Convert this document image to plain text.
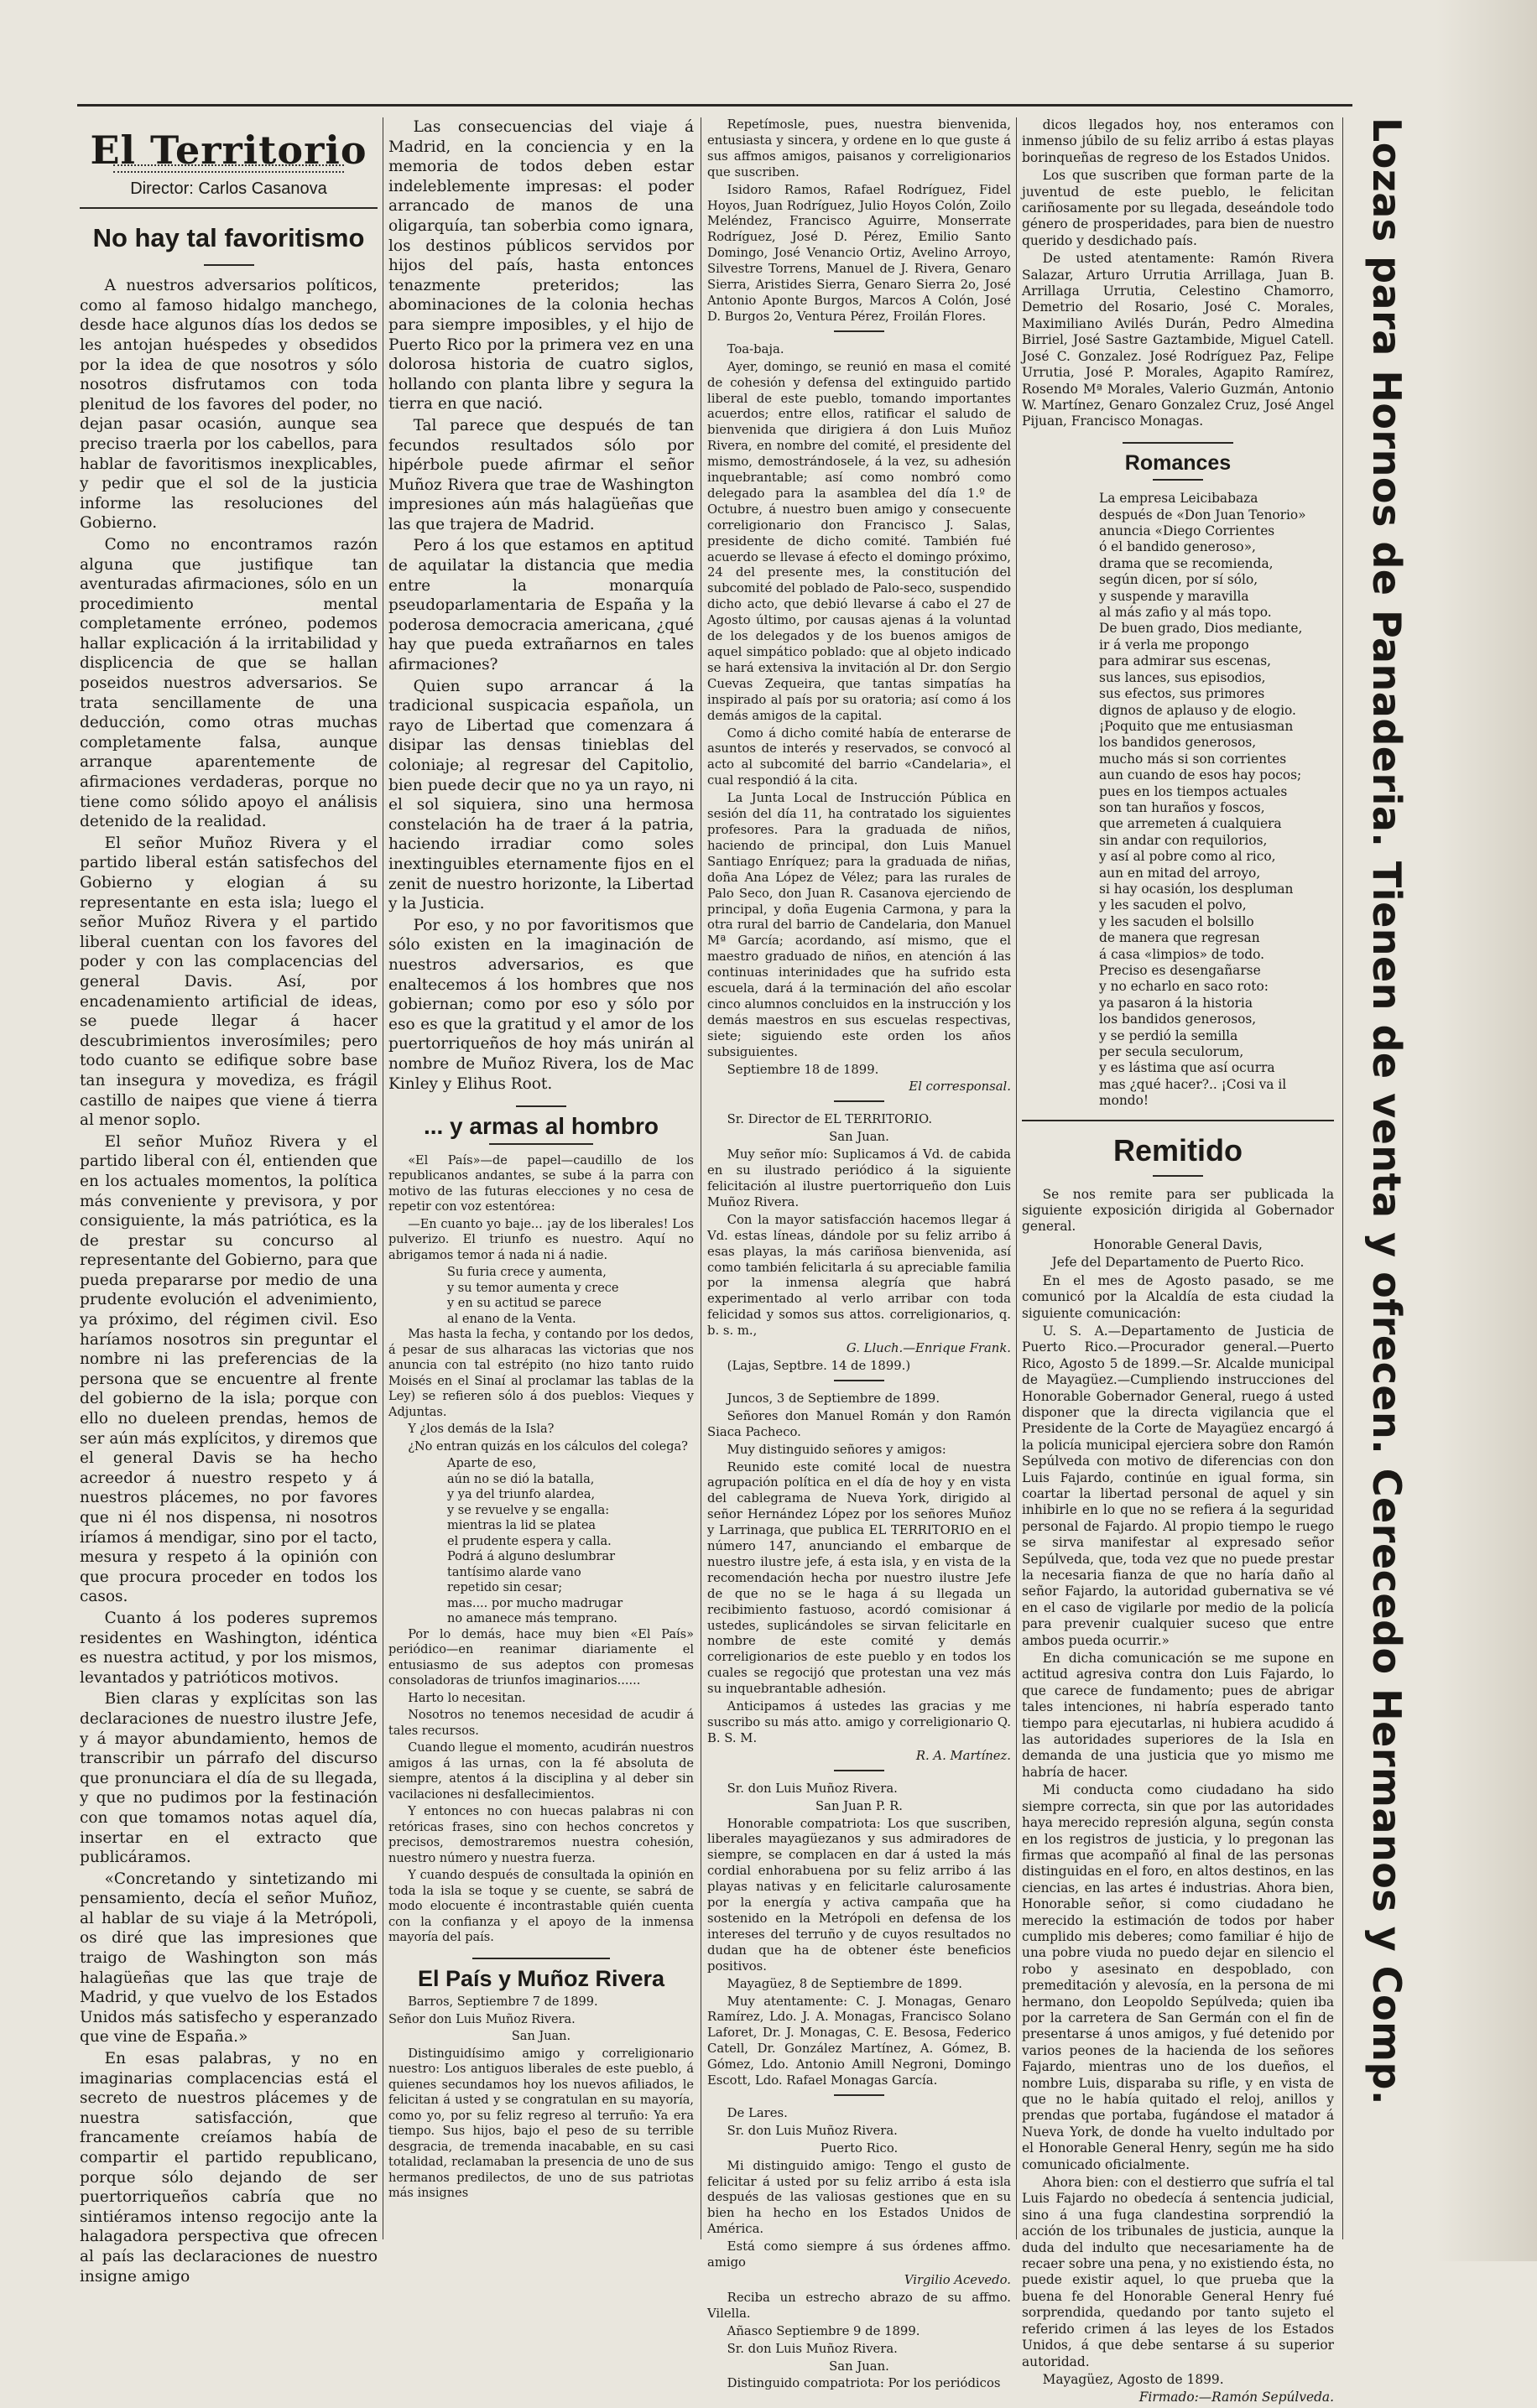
El Territorio
Director: Carlos Casanova
No hay tal favoritismo

A nuestros adversarios políticos, como al famoso hidalgo manchego, desde hace algunos días los dedos se les antojan huéspedes y obsedidos por la idea de que nosotros y sólo nosotros disfrutamos con toda plenitud de los favores del poder, no dejan pasar ocasión, aunque sea preciso traerla por los cabellos, para hablar de favoritismos inexplicables, y pedir que el sol de la justicia informe las resoluciones del Gobierno.

Como no encontramos razón alguna que justifique tan aventuradas afirmaciones, sólo en un procedimiento mental completamente erróneo, podemos hallar explicación á la irritabilidad y displicencia de que se hallan poseidos nuestros adversarios. Se trata sencillamente de una deducción, como otras muchas completamente falsa, aunque arranque aparentemente de afirmaciones verdaderas, porque no tiene como sólido apoyo el análisis detenido de la realidad.

El señor Muñoz Rivera y el partido liberal están satisfechos del Gobierno y elogian á su representante en esta isla; luego el señor Muñoz Rivera y el partido liberal cuentan con los favores del poder y con las complacencias del general Davis. Así, por encadenamiento artificial de ideas, se puede llegar á hacer descubrimientos inverosímiles; pero todo cuanto se edifique sobre base tan insegura y movediza, es frágil castillo de naipes que viene á tierra al menor soplo.

El señor Muñoz Rivera y el partido liberal con él, entienden que en los actuales momentos, la política más conveniente y previsora, y por consiguiente, la más patriótica, es la de prestar su concurso al representante del Gobierno, para que pueda prepararse por medio de una prudente evolución el advenimiento, ya próximo, del régimen civil. Eso haríamos nosotros sin preguntar el nombre ni las preferencias de la persona que se encuentre al frente del gobierno de la isla; porque con ello no dueleen prendas, hemos de ser aún más explícitos, y diremos que el general Davis se ha hecho acreedor á nuestro respeto y á nuestros plácemes, no por favores que ni él nos dispensa, ni nosotros iríamos á mendigar, sino por el tacto, mesura y respeto á la opinión con que procura proceder en todos los casos.

Cuanto á los poderes supremos residentes en Washington, idéntica es nuestra actitud, y por los mismos, levantados y patrióticos motivos.

Bien claras y explícitas son las declaraciones de nuestro ilustre Jefe, y á mayor abundamiento, hemos de transcribir un párrafo del discurso que pronunciara el día de su llegada, y que no pudimos por la festinación con que tomamos notas aquel día, insertar en el extracto que publicáramos.

«Concretando y sintetizando mi pensamiento, decía el señor Muñoz, al hablar de su viaje á la Metrópoli, os diré que las impresiones que traigo de Washington son más halagüeñas que las que traje de Madrid, y que vuelvo de los Estados Unidos más satisfecho y esperanzado que vine de España.»

En esas palabras, y no en imaginarias complacencias está el secreto de nuestros plácemes y de nuestra satisfacción, que francamente creíamos había de compartir el partido republicano, porque sólo dejando de ser puertorriqueños cabría que no sintiéramos intenso regocijo ante la halagadora perspectiva que ofrecen al país las declaraciones de nuestro insigne amigo

Las consecuencias del viaje á Madrid, en la conciencia y en la memoria de todos deben estar indeleblemente impresas: el poder arrancado de manos de una oligarquía, tan soberbia como ignara, los destinos públicos servidos por hijos del país, hasta entonces tenazmente preteridos; las abominaciones de la colonia hechas para siempre imposibles, y el hijo de Puerto Rico por la primera vez en una dolorosa historia de cuatro siglos, hollando con planta libre y segura la tierra en que nació.

Tal parece que después de tan fecundos resultados sólo por hipérbole puede afirmar el señor Muñoz Rivera que trae de Washington impresiones aún más halagüeñas que las que trajera de Madrid.

Pero á los que estamos en aptitud de aquilatar la distancia que media entre la monarquía pseudoparlamentaria de España y la poderosa democracia americana, ¿qué hay que pueda extrañarnos en tales afirmaciones?

Quien supo arrancar á la tradicional suspicacia española, un rayo de Libertad que comenzara á disipar las densas tinieblas del coloniaje; al regresar del Capitolio, bien puede decir que no ya un rayo, ni el sol siquiera, sino una hermosa constelación ha de traer á la patria, haciendo irradiar como soles inextinguibles eternamente fijos en el zenit de nuestro horizonte, la Libertad y la Justicia.

Por eso, y no por favoritismos que sólo existen en la imaginación de nuestros adversarios, es que enaltecemos á los hombres que nos gobiernan; como por eso y sólo por eso es que la gratitud y el amor de los puertorriqueños de hoy más unirán al nombre de Muñoz Rivera, los de Mac Kinley y Elihus Root.

... y armas al hombro

«El País»—de papel—caudillo de los republicanos andantes, se sube á la parra con motivo de las futuras elecciones y no cesa de repetir con voz estentórea:

—En cuanto yo baje... ¡ay de los liberales! Los pulverizo. El triunfo es nuestro. Aquí no abrigamos temor á nada ni á nadie.

Su furia crece y aumenta,

y su temor aumenta y crece

y en su actitud se parece

al enano de la Venta.

Mas hasta la fecha, y contando por los dedos, á pesar de sus alharacas las victorias que nos anuncia con tal estrépito (no hizo tanto ruido Moisés en el Sinaí al proclamar las tablas de la Ley) se refieren sólo á dos pueblos: Vieques y Adjuntas.

Y ¿los demás de la Isla?

¿No entran quizás en los cálculos del colega?

Aparte de eso,

aún no se dió la batalla,

y ya del triunfo alardea,

y se revuelve y se engalla:

mientras la lid se platea

el prudente espera y calla.

Podrá á alguno deslumbrar

tantísimo alarde vano

repetido sin cesar;

mas.... por mucho madrugar

no amanece más temprano.

Por lo demás, hace muy bien «El País» periódico—en reanimar diariamente el entusiasmo de sus adeptos con promesas consoladoras de triunfos imaginarios......

Harto lo necesitan.

Nosotros no tenemos necesidad de acudir á tales recursos.

Cuando llegue el momento, acudirán nuestros amigos á las urnas, con la fé absoluta de siempre, atentos á la disciplina y al deber sin vacilaciones ni desfallecimientos.

Y entonces no con huecas palabras ni con retóricas frases, sino con hechos concretos y precisos, demostraremos nuestra cohesión, nuestro número y nuestra fuerza.

Y cuando después de consultada la opinión en toda la isla se toque y se cuente, se sabrá de modo elocuente é incontrastable quién cuenta con la confianza y el apoyo de la inmensa mayoría del país.

El País y Muñoz Rivera

Barros, Septiembre 7 de 1899.

Señor don Luis Muñoz Rivera.

San Juan.

Distinguidísimo amigo y correligionario nuestro: Los antiguos liberales de este pueblo, á quienes secundamos hoy los nuevos afiliados, le felicitan á usted y se congratulan en su mayoría, como yo, por su feliz regreso al terruño: Ya era tiempo. Sus hijos, bajo el peso de su terrible desgracia, de tremenda inacabable, en su casi totalidad, reclamaban la presencia de uno de sus hermanos predilectos, de uno de sus patriotas más insignes

Repetímosle, pues, nuestra bienvenida, entusiasta y sincera, y ordene en lo que guste á sus affmos amigos, paisanos y correligionarios que suscriben.

Isidoro Ramos, Rafael Rodríguez, Fidel Hoyos, Juan Rodríguez, Julio Hoyos Colón, Zoilo Meléndez, Francisco Aguirre, Monserrate Rodríguez, José D. Pérez, Emilio Santo Domingo, José Venancio Ortiz, Avelino Arroyo, Silvestre Torrens, Manuel de J. Rivera, Genaro Sierra, Aristides Sierra, Genaro Sierra 2o, José Antonio Aponte Burgos, Marcos A Colón, José D. Burgos 2o, Ventura Pérez, Froilán Flores.

Toa-baja.

Ayer, domingo, se reunió en masa el comité de cohesión y defensa del extinguido partido liberal de este pueblo, tomando importantes acuerdos; entre ellos, ratificar el saludo de bienvenida que dirigiera á don Luis Muñoz Rivera, en nombre del comité, el presidente del mismo, demostrándosele, á la vez, su adhesión inquebrantable; así como nombró como delegado para la asamblea del día 1.º de Octubre, á nuestro buen amigo y consecuente correligionario don Francisco J. Salas, presidente de dicho comité. También fué acuerdo se llevase á efecto el domingo próximo, 24 del presente mes, la constitución del subcomité del poblado de Palo-seco, suspendido dicho acto, que debió llevarse á cabo el 27 de Agosto último, por causas ajenas á la voluntad de los delegados y de los buenos amigos de aquel simpático poblado: que al objeto indicado se hará extensiva la invitación al Dr. don Sergio Cuevas Zequeira, que tantas simpatías ha inspirado al país por su oratoria; así como á los demás amigos de la capital.

Como á dicho comité había de enterarse de asuntos de interés y reservados, se convocó al acto al subcomité del barrio «Candelaria», el cual respondió á la cita.

La Junta Local de Instrucción Pública en sesión del día 11, ha contratado los siguientes profesores. Para la graduada de niños, haciendo de principal, don Luis Manuel Santiago Enríquez; para la graduada de niñas, doña Ana López de Vélez; para las rurales de Palo Seco, don Juan R. Casanova ejerciendo de principal, y doña Eugenia Carmona, y para la otra rural del barrio de Candelaria, don Manuel Mª García; acordando, así mismo, que el maestro graduado de niños, en atención á las continuas interinidades que ha sufrido esta escuela, dará á la terminación del año escolar cinco alumnos concluidos en la instrucción y los demás maestros en sus escuelas respectivas, siete; siguiendo este orden los años subsiguientes.

Septiembre 18 de 1899.

El corresponsal.

Sr. Director de EL TERRITORIO.

San Juan.

Muy señor mío: Suplicamos á Vd. de cabida en su ilustrado periódico á la siguiente felicitación al ilustre puertorriqueño don Luis Muñoz Rivera.

Con la mayor satisfacción hacemos llegar á Vd. estas líneas, dándole por su feliz arribo á esas playas, la más cariñosa bienvenida, así como también felicitarla á su apreciable familia por la inmensa alegría que habrá experimentado al verlo arribar con toda felicidad y somos sus attos. correligionarios, q. b. s. m.,

G. Lluch.—Enrique Frank.

(Lajas, Septbre. 14 de 1899.)

Juncos, 3 de Septiembre de 1899.

Señores don Manuel Román y don Ramón Siaca Pacheco.

Muy distinguido señores y amigos:

Reunido este comité local de nuestra agrupación política en el día de hoy y en vista del cablegrama de Nueva York, dirigido al señor Hernández López por los señores Muñoz y Larrinaga, que publica EL TERRITORIO en el número 147, anunciando el embarque de nuestro ilustre jefe, á esta isla, y en vista de la recomendación hecha por nuestro ilustre Jefe de que no se le haga á su llegada un recibimiento fastuoso, acordó comisionar á ustedes, suplicándoles se sirvan felicitarle en nombre de este comité y demás correligionarios de este pueblo y en todos los cuales se regocijó que protestan una vez más su inquebrantable adhesión.

Anticipamos á ustedes las gracias y me suscribo su más atto. amigo y correligionario Q. B. S. M.

R. A. Martínez.

Sr. don Luis Muñoz Rivera.

San Juan P. R.

Honorable compatriota: Los que suscriben, liberales mayagüezanos y sus admiradores de siempre, se complacen en dar á usted la más cordial enhorabuena por su feliz arribo á las playas nativas y en felicitarle calurosamente por la energía y activa campaña que ha sostenido en la Metrópoli en defensa de los intereses del terruño y de cuyos resultados no dudan que ha de obtener éste beneficios positivos.

Mayagüez, 8 de Septiembre de 1899.

Muy atentamente: C. J. Monagas, Genaro Ramírez, Ldo. J. A. Monagas, Francisco Solano Laforet, Dr. J. Monagas, C. E. Besosa, Federico Catell, Dr. González Martínez, A. Gómez, B. Gómez, Ldo. Antonio Amill Negroni, Domingo Escott, Ldo. Rafael Monagas García.

De Lares.

Sr. don Luis Muñoz Rivera.

Puerto Rico.

Mi distinguido amigo: Tengo el gusto de felicitar á usted por su feliz arribo á esta isla después de las valiosas gestiones que en su bien ha hecho en los Estados Unidos de América.

Está como siempre á sus órdenes affmo. amigo

Virgilio Acevedo.

Reciba un estrecho abrazo de su affmo. Vilella.

Añasco Septiembre 9 de 1899.

Sr. don Luis Muñoz Rivera.

San Juan.

Distinguido compatriota: Por los periódicos

dicos llegados hoy, nos enteramos con inmenso júbilo de su feliz arribo á estas playas borinqueñas de regreso de los Estados Unidos.

Los que suscriben que forman parte de la juventud de este pueblo, le felicitan cariñosamente por su llegada, deseándole todo género de prosperidades, para bien de nuestro querido y desdichado país.

De usted atentamente: Ramón Rivera Salazar, Arturo Urrutia Arrillaga, Juan B. Arrillaga Urrutia, Celestino Chamorro, Demetrio del Rosario, José C. Morales, Maximiliano Avilés Durán, Pedro Almedina Birriel, José Sastre Gaztambide, Miguel Catell. José C. Gonzalez. José Rodríguez Paz, Felipe Urrutia, José P. Morales, Agapito Ramírez, Rosendo Mª Morales, Valerio Guzmán, Antonio W. Martínez, Genaro Gonzalez Cruz, José Angel Pijuan, Francisco Monagas.

Romances

La empresa Leicibabaza

después de «Don Juan Tenorio»

anuncia «Diego Corrientes

ó el bandido generoso»,

drama que se recomienda,

según dicen, por sí sólo,

y suspende y maravilla

al más zafio y al más topo.

De buen grado, Dios mediante,

ir á verla me propongo

para admirar sus escenas,

sus lances, sus episodios,

sus efectos, sus primores

dignos de aplauso y de elogio.

¡Poquito que me entusiasman

los bandidos generosos,

mucho más si son corrientes

aun cuando de esos hay pocos;

pues en los tiempos actuales

son tan huraños y foscos,

que arremeten á cualquiera

sin andar con requilorios,

y así al pobre como al rico,

aun en mitad del arroyo,

si hay ocasión, los despluman

y les sacuden el polvo,

y les sacuden el bolsillo

de manera que regresan

á casa «limpios» de todo.

Preciso es desengañarse

y no echarlo en saco roto:

ya pasaron á la historia

los bandidos generosos,

y se perdió la semilla

per secula seculorum,

y es lástima que así ocurra

mas ¿qué hacer?.. ¡Cosi va il mondo!

Remitido

Se nos remite para ser publicada la siguiente exposición dirigida al Gobernador general.

Honorable General Davis,

Jefe del Departamento de Puerto Rico.

En el mes de Agosto pasado, se me comunicó por la Alcaldía de esta ciudad la siguiente comunicación:

U. S. A.—Departamento de Justicia de Puerto Rico.—Procurador general.—Puerto Rico, Agosto 5 de 1899.—Sr. Alcalde municipal de Mayagüez.—Cumpliendo instrucciones del Honorable Gobernador General, ruego á usted disponer que la directa vigilancia que el Presidente de la Corte de Mayagüez encargó á la policía municipal ejerciera sobre don Ramón Sepúlveda con motivo de diferencias con don Luis Fajardo, continúe en igual forma, sin coartar la libertad personal de aquel y sin inhibirle en lo que no se refiera á la seguridad personal de Fajardo. Al propio tiempo le ruego se sirva manifestar al expresado señor Sepúlveda, que, toda vez que no puede prestar la necesaria fianza de que no haría daño al señor Fajardo, la autoridad gubernativa se vé en el caso de vigilarle por medio de la policía para prevenir cualquier suceso que entre ambos pueda ocurrir.»

En dicha comunicación se me supone en actitud agresiva contra don Luis Fajardo, lo que carece de fundamento; pues de abrigar tales intenciones, ni habría esperado tanto tiempo para ejecutarlas, ni hubiera acudido á las autoridades superiores de la Isla en demanda de una justicia que yo mismo me habría de hacer.

Mi conducta como ciudadano ha sido siempre correcta, sin que por las autoridades haya merecido represión alguna, según consta en los registros de justicia, y lo pregonan las firmas que acompañó al final de las personas distinguidas en el foro, en altos destinos, en las ciencias, en las artes é industrias. Ahora bien, Honorable señor, si como ciudadano he merecido la estimación de todos por haber cumplido mis deberes; como familiar é hijo de una pobre viuda no puedo dejar en silencio el robo y asesinato en despoblado, con premeditación y alevosía, en la persona de mi hermano, don Leopoldo Sepúlveda; quien iba por la carretera de San Germán con el fin de presentarse á unos amigos, y fué detenido por varios peones de la hacienda de los señores Fajardo, mientras uno de los dueños, el nombre Luis, disparaba su rifle, y en vista de que no le había quitado el reloj, anillos y prendas que portaba, fugándose el matador á Nueva York, de donde ha vuelto indultado por el Honorable General Henry, según me ha sido comunicado oficialmente.

Ahora bien: con el destierro que sufría el tal Luis Fajardo no obedecía á sentencia judicial, sino á una fuga clandestina sorprendió la acción de los tribunales de justicia, aunque la duda del indulto que necesariamente ha de recaer sobre una pena, y no existiendo ésta, no puede existir aquel, lo que prueba que la buena fe del Honorable General Henry fué sorprendida, quedando por tanto sujeto el referido crimen á las leyes de los Estados Unidos, á que debe sentarse á su superior autoridad.

Mayagüez, Agosto de 1899.

Firmado:—Ramón Sepúlveda.

Lozas para Hornos de Panaderia. Tienen de venta y ofrecen. Cerecedo Hermanos y Comp.
